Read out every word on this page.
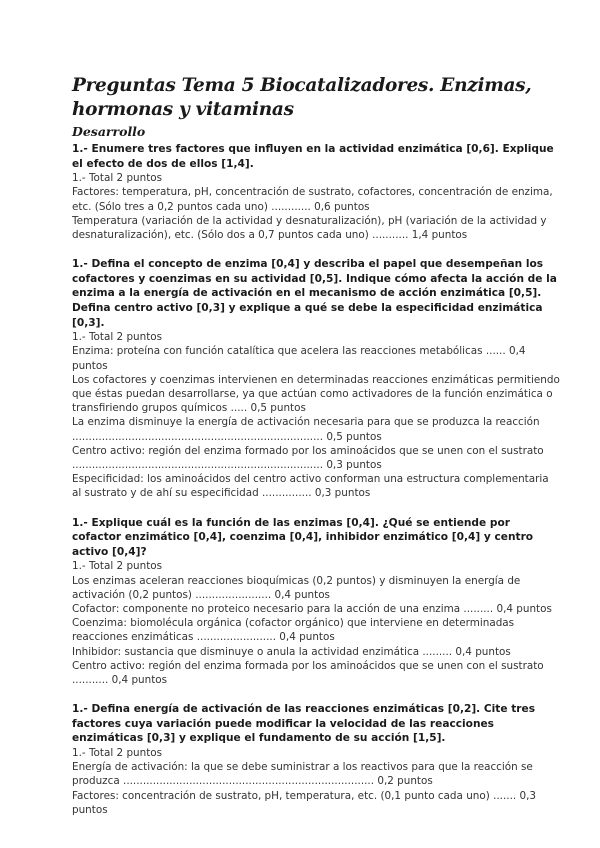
Preguntas Tema 5 Biocatalizadores. Enzimas, hormonas y vitaminas
Desarrollo

1.- Enumere tres factores que influyen en la actividad enzimática [0,6]. Explique el efecto de dos de ellos [1,4].

1.- Total 2 puntos

Factores: temperatura, pH, concentración de sustrato, cofactores, concentración de enzima, etc. (Sólo tres a 0,2 puntos cada uno) ............ 0,6 puntos

Temperatura (variación de la actividad y desnaturalización), pH (variación de la actividad y desnaturalización), etc. (Sólo dos a 0,7 puntos cada uno) ........... 1,4 puntos

1.- Defina el concepto de enzima [0,4] y describa el papel que desempeñan los cofactores y coenzimas en su actividad [0,5]. Indique cómo afecta la acción de la enzima a la energía de activación en el mecanismo de acción enzimática [0,5]. Defina centro activo [0,3] y explique a qué se debe la especificidad enzimática [0,3].

1.- Total 2 puntos

Enzima: proteína con función catalítica que acelera las reacciones metabólicas ...... 0,4 puntos

Los cofactores y coenzimas intervienen en determinadas reacciones enzimáticas permitiendo que éstas puedan desarrollarse, ya que actúan como activadores de la función enzimática o transfiriendo grupos químicos ..... 0,5 puntos

La enzima disminuye la energía de activación necesaria para que se produzca la reacción ............................................................................ 0,5 puntos

Centro activo: región del enzima formado por los aminoácidos que se unen con el sustrato ............................................................................ 0,3 puntos

Especificidad: los aminoácidos del centro activo conforman una estructura complementaria al sustrato y de ahí su especificidad ............... 0,3 puntos

1.- Explique cuál es la función de las enzimas [0,4]. ¿Qué se entiende por cofactor enzimático [0,4], coenzima [0,4], inhibidor enzimático [0,4] y centro activo [0,4]?

1.- Total 2 puntos

Los enzimas aceleran reacciones bioquímicas (0,2 puntos) y disminuyen la energía de activación (0,2 puntos) ....................... 0,4 puntos

Cofactor: componente no proteico necesario para la acción de una enzima ......... 0,4 puntos

Coenzima: biomolécula orgánica (cofactor orgánico) que interviene en determinadas reacciones enzimáticas ........................ 0,4 puntos

Inhibidor: sustancia que disminuye o anula la actividad enzimática ......... 0,4 puntos

Centro activo: región del enzima formada por los aminoácidos que se unen con el sustrato ........... 0,4 puntos

1.- Defina energía de activación de las reacciones enzimáticas [0,2]. Cite tres factores cuya variación puede modificar la velocidad de las reacciones enzimáticas [0,3] y explique el fundamento de su acción [1,5].

1.- Total 2 puntos

Energía de activación: la que se debe suministrar a los reactivos para que la reacción se produzca ............................................................................ 0,2 puntos

Factores: concentración de sustrato, pH, temperatura, etc. (0,1 punto cada uno) ....... 0,3 puntos
